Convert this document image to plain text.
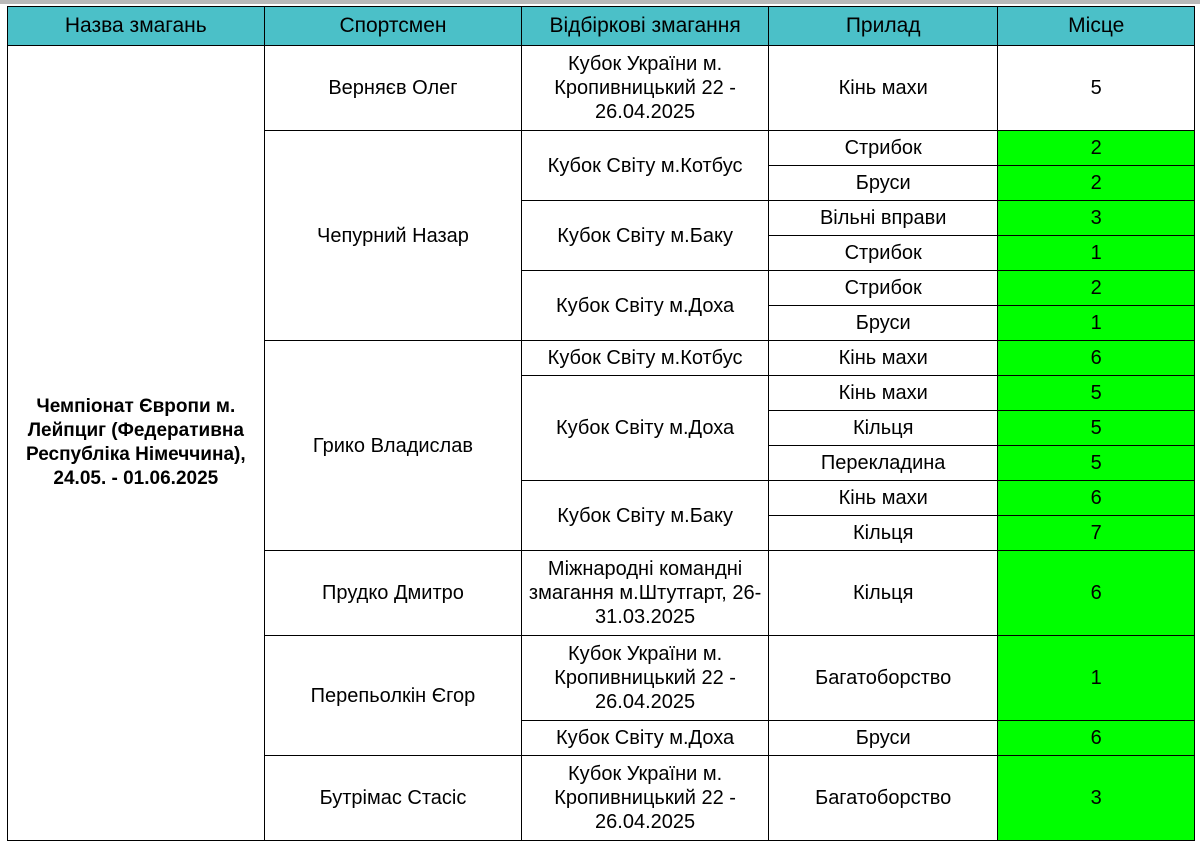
Назва змагань	Спортсмен	Відбіркові змагання	Прилад	Місце
Чемпіонат Європи м. Лейпциг (Федеративна Республіка Німеччина), 24.05. - 01.06.2025	Верняєв Олег	Кубок України м. Кропивницький 22 - 26.04.2025	Кінь махи	5
	Чепурний Назар	Кубок Світу м.Котбус	Стрибок	2
			Бруси	2
		Кубок Світу м.Баку	Вільні вправи	3
			Стрибок	1
		Кубок Світу м.Доха	Стрибок	2
			Бруси	1
	Грико Владислав	Кубок Світу м.Котбус	Кінь махи	6
		Кубок Світу м.Доха	Кінь махи	5
			Кільця	5
			Перекладина	5
		Кубок Світу м.Баку	Кінь махи	6
			Кільця	7
	Прудко Дмитро	Міжнародні командні змагання м.Штутгарт, 26-31.03.2025	Кільця	6
	Перепьолкін Єгор	Кубок України м. Кропивницький 22 - 26.04.2025	Багатоборство	1
		Кубок Світу м.Доха	Бруси	6
	Бутрімас Стасіс	Кубок України м. Кропивницький 22 - 26.04.2025	Багатоборство	3
